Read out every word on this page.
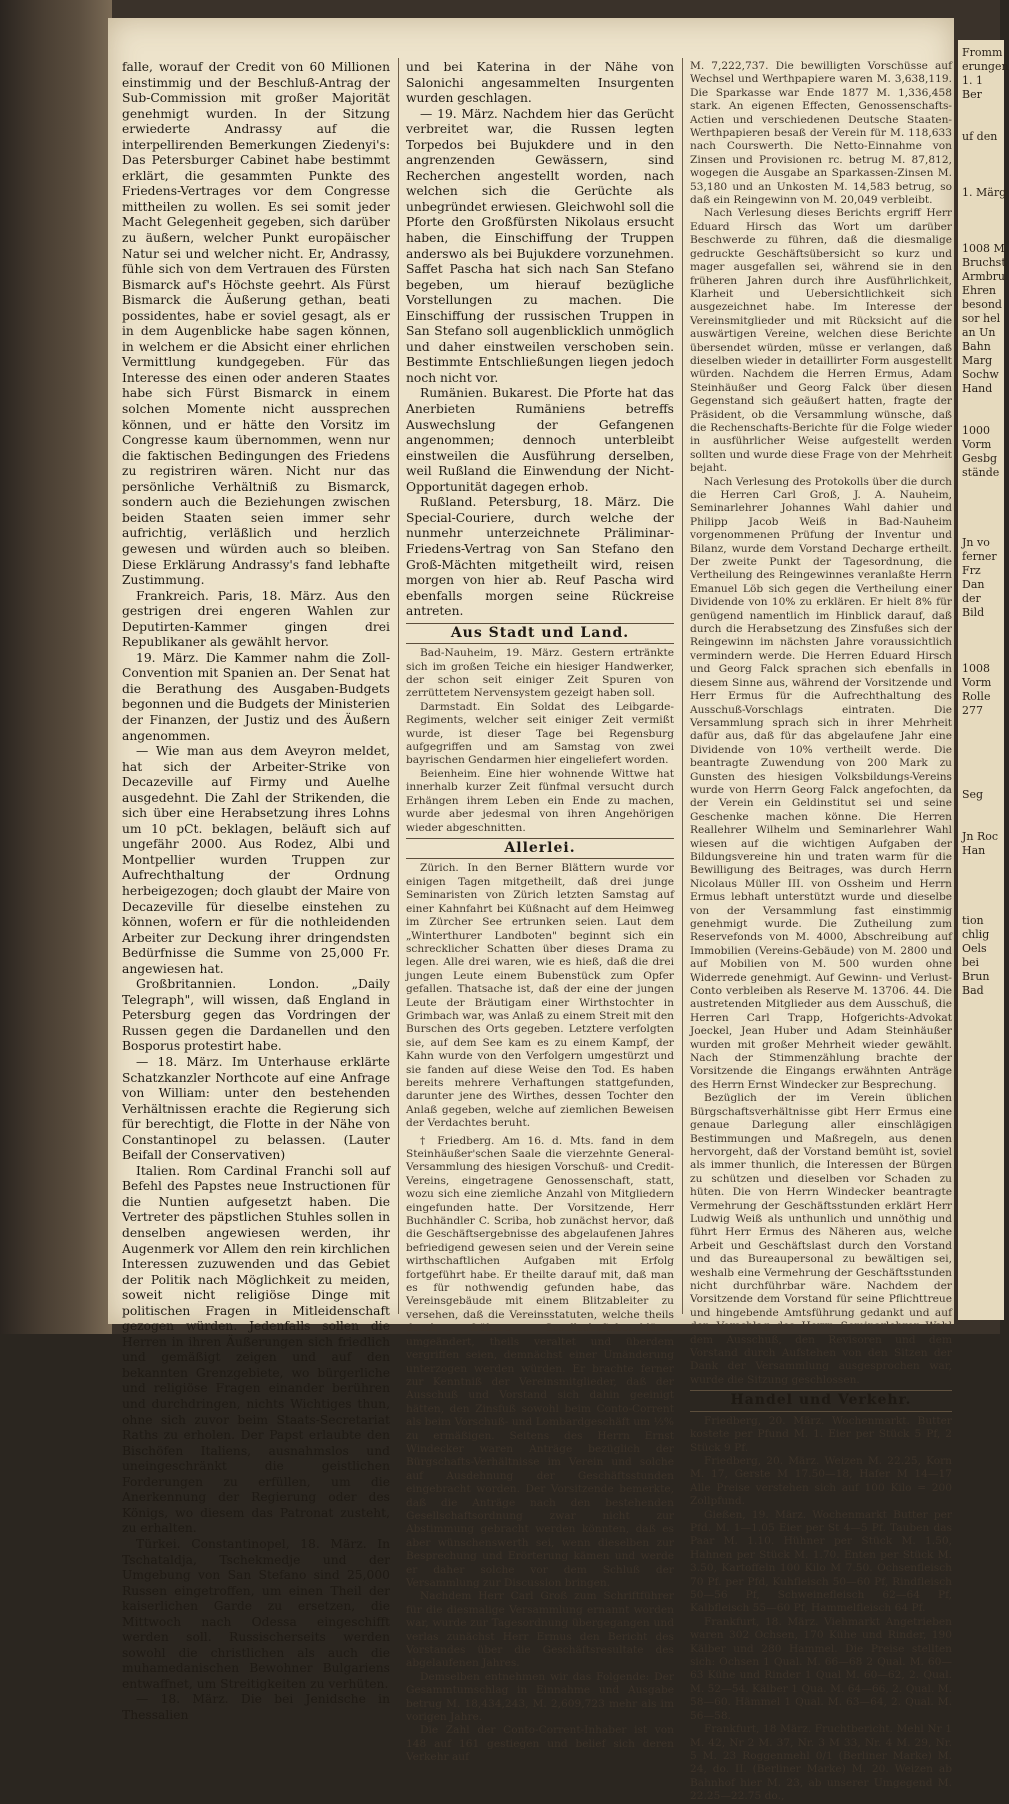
falle, worauf der Credit von 60 Millionen einstimmig und der Beschluß-Antrag der Sub-Commission mit großer Majorität genehmigt wurden. In der Sitzung erwiederte Andrassy auf die interpellirenden Bemerkungen Ziedenyi's: Das Petersburger Cabinet habe bestimmt erklärt, die gesammten Punkte des Friedens-Vertrages vor dem Congresse mittheilen zu wollen. Es sei somit jeder Macht Gelegenheit gegeben, sich darüber zu äußern, welcher Punkt europäischer Natur sei und welcher nicht. Er, Andrassy, fühle sich von dem Vertrauen des Fürsten Bismarck auf's Höchste geehrt. Als Fürst Bismarck die Äußerung gethan, beati possidentes, habe er soviel gesagt, als er in dem Augenblicke habe sagen können, in welchem er die Absicht einer ehrlichen Vermittlung kundgegeben. Für das Interesse des einen oder anderen Staates habe sich Fürst Bismarck in einem solchen Momente nicht aussprechen können, und er hätte den Vorsitz im Congresse kaum übernommen, wenn nur die faktischen Bedingungen des Friedens zu registriren wären. Nicht nur das persönliche Verhältniß zu Bismarck, sondern auch die Beziehungen zwischen beiden Staaten seien immer sehr aufrichtig, verläßlich und herzlich gewesen und würden auch so bleiben. Diese Erklärung Andrassy's fand lebhafte Zustimmung.

Frankreich. Paris, 18. März. Aus den gestrigen drei engeren Wahlen zur Deputirten-Kammer gingen drei Republikaner als gewählt hervor.

19. März. Die Kammer nahm die Zoll-Convention mit Spanien an. Der Senat hat die Berathung des Ausgaben-Budgets begonnen und die Budgets der Ministerien der Finanzen, der Justiz und des Äußern angenommen.

— Wie man aus dem Aveyron meldet, hat sich der Arbeiter-Strike von Decazeville auf Firmy und Auelhe ausgedehnt. Die Zahl der Strikenden, die sich über eine Herabsetzung ihres Lohns um 10 pCt. beklagen, beläuft sich auf ungefähr 2000. Aus Rodez, Albi und Montpellier wurden Truppen zur Aufrechthaltung der Ordnung herbeigezogen; doch glaubt der Maire von Decazeville für dieselbe einstehen zu können, wofern er für die nothleidenden Arbeiter zur Deckung ihrer dringendsten Bedürfnisse die Summe von 25,000 Fr. angewiesen hat.

Großbritannien. London. „Daily Telegraph", will wissen, daß England in Petersburg gegen das Vordringen der Russen gegen die Dardanellen und den Bosporus protestirt habe.

— 18. März. Im Unterhause erklärte Schatzkanzler Northcote auf eine Anfrage von William: unter den bestehenden Verhältnissen erachte die Regierung sich für berechtigt, die Flotte in der Nähe von Constantinopel zu belassen. (Lauter Beifall der Conservativen)

Italien. Rom Cardinal Franchi soll auf Befehl des Papstes neue Instructionen für die Nuntien aufgesetzt haben. Die Vertreter des päpstlichen Stuhles sollen in denselben angewiesen werden, ihr Augenmerk vor Allem den rein kirchlichen Interessen zuzuwenden und das Gebiet der Politik nach Möglichkeit zu meiden, soweit nicht religiöse Dinge mit politischen Fragen in Mitleidenschaft gezogen würden. Jedenfalls sollen die Herren in ihren Äußerungen sich friedlich und gemäßigt zeigen und auf den bekannten Grenzgebiete, wo bürgerliche und religiöse Fragen einander berühren und durchdringen, nichts Wichtiges thun, ohne sich zuvor beim Staats-Secretariat Raths zu erholen. Der Papst erlaubte den Bischöfen Italiens, ausnahmslos und uneingeschränkt die geistlichen Forderungen zu erfüllen, um die Anerkennung der Regierung oder des Königs, wo diesem das Patronat zusteht, zu erhalten.

Türkei. Constantinopel, 18. März. In Tschataldja, Tschekmedje und der Umgebung von San Stefano sind 25,000 Russen eingetroffen, um einen Theil der kaiserlichen Garde zu ersetzen, die Mittwoch nach Odessa eingeschifft werden soll. Russischerseits werden sowohl die christlichen als auch die muhamedanischen Bewohner Bulgariens entwaffnet, um Streitigkeiten zu verhüten.

— 18. März. Die bei Jenidsche in Thessalien

und bei Katerina in der Nähe von Salonichi angesammelten Insurgenten wurden geschlagen.

— 19. März. Nachdem hier das Gerücht verbreitet war, die Russen legten Torpedos bei Bujukdere und in den angrenzenden Gewässern, sind Recherchen angestellt worden, nach welchen sich die Gerüchte als unbegründet erwiesen. Gleichwohl soll die Pforte den Großfürsten Nikolaus ersucht haben, die Einschiffung der Truppen anderswo als bei Bujukdere vorzunehmen. Saffet Pascha hat sich nach San Stefano begeben, um hierauf bezügliche Vorstellungen zu machen. Die Einschiffung der russischen Truppen in San Stefano soll augenblicklich unmöglich und daher einstweilen verschoben sein. Bestimmte Entschließungen liegen jedoch noch nicht vor.

Rumänien. Bukarest. Die Pforte hat das Anerbieten Rumäniens betreffs Auswechslung der Gefangenen angenommen; dennoch unterbleibt einstweilen die Ausführung derselben, weil Rußland die Einwendung der Nicht-Opportunität dagegen erhob.

Rußland. Petersburg, 18. März. Die Special-Couriere, durch welche der nunmehr unterzeichnete Präliminar-Friedens-Vertrag von San Stefano den Groß-Mächten mitgetheilt wird, reisen morgen von hier ab. Reuf Pascha wird ebenfalls morgen seine Rückreise antreten.

Aus Stadt und Land.

Bad-Nauheim, 19. März. Gestern ertränkte sich im großen Teiche ein hiesiger Handwerker, der schon seit einiger Zeit Spuren von zerrüttetem Nervensystem gezeigt haben soll.

Darmstadt. Ein Soldat des Leibgarde-Regiments, welcher seit einiger Zeit vermißt wurde, ist dieser Tage bei Regensburg aufgegriffen und am Samstag von zwei bayrischen Gendarmen hier eingeliefert worden.

Beienheim. Eine hier wohnende Wittwe hat innerhalb kurzer Zeit fünfmal versucht durch Erhängen ihrem Leben ein Ende zu machen, wurde aber jedesmal von ihren Angehörigen wieder abgeschnitten.

Allerlei.

Zürich. In den Berner Blättern wurde vor einigen Tagen mitgetheilt, daß drei junge Seminaristen von Zürich letzten Samstag auf einer Kahnfahrt bei Küßnacht auf dem Heimweg im Zürcher See ertrunken seien. Laut dem „Winterthurer Landboten" beginnt sich ein schrecklicher Schatten über dieses Drama zu legen. Alle drei waren, wie es hieß, daß die drei jungen Leute einem Bubenstück zum Opfer gefallen. Thatsache ist, daß der eine der jungen Leute der Bräutigam einer Wirthstochter in Grimbach war, was Anlaß zu einem Streit mit den Burschen des Orts gegeben. Letztere verfolgten sie, auf dem See kam es zu einem Kampf, der Kahn wurde von den Verfolgern umgestürzt und sie fanden auf diese Weise den Tod. Es haben bereits mehrere Verhaftungen stattgefunden, darunter jene des Wirthes, dessen Tochter den Anlaß gegeben, welche auf ziemlichen Beweisen der Verdachtes beruht.

† Friedberg. Am 16. d. Mts. fand in dem Steinhäußer'schen Saale die vierzehnte General-Versammlung des hiesigen Vorschuß- und Credit-Vereins, eingetragene Genossenschaft, statt, wozu sich eine ziemliche Anzahl von Mitgliedern eingefunden hatte. Der Vorsitzende, Herr Buchhändler C. Scriba, hob zunächst hervor, daß die Geschäftsergebnisse des abgelaufenen Jahres befriedigend gewesen seien und der Verein seine wirthschaftlichen Aufgaben mit Erfolg fortgeführt habe. Er theilte darauf mit, daß man es für nothwendig gefunden habe, das Vereinsgebäude mit einem Blitzableiter zu versehen, daß die Vereinsstatuten, welche theils durch frühere Gesellschaftsbeschlüsse umgeändert, theils veraltet und überdem vergriffen seien, demnächst einer Umänderung unterzogen werden würden. Er brachte ferner zur Kenntniß der Vereinsmitglieder, daß der Ausschuß und Vorstand sich dahin geeinigt hätten, den Zinsfuß sowohl beim Conto-Corrent als beim Vorschuß- und Lombardgeschäft um ½% zu ermäßigen. Seitens des Herrn Ernst Windecker waren Anträge bezüglich der Bürgschafts-Verhältnisse im Verein und solche auf Ausdehnung der Geschäftsstunden eingebracht worden. Der Vorsitzende bemerkte, daß die Anträge nach den bestehenden Gesellschaftsordnung zwar nicht zur Abstimmung gebracht werden könnten, daß es aber wünschenswerth sei, wenn dieselben zur Besprechung und Erörterung kämen und werde er daher solche vor dem Schluß der Versammlung zur Discussion bringen.

Nachdem Herr Carl Groß zum Schriftführer für die diesmalige Versammlung ernannt worden war, wurde zur Tagesordnung übergegangen und verlas zunächst Herr Ermus den Bericht des Vorstandes über die Geschäftsresultate des abgelaufenen Jahres.

Demselben entnehmen wir das Folgende: Der Gesammtumschlag in Einnahme und Ausgabe betrug M. 18,434,243, M. 2,609,723 mehr als im vorigen Jahre.

Die Zahl der Conto-Corrent-Inhaber ist von 148 auf 161 gestiegen und belief sich deren Verkehr auf

M. 7,222,737. Die bewilligten Vorschüsse auf Wechsel und Werthpapiere waren M. 3,638,119. Die Sparkasse war Ende 1877 M. 1,336,458 stark. An eigenen Effecten, Genossenschafts-Actien und verschiedenen Deutsche Staaten-Werthpapieren besaß der Verein für M. 118,633 nach Courswerth. Die Netto-Einnahme von Zinsen und Provisionen rc. betrug M. 87,812, wogegen die Ausgabe an Sparkassen-Zinsen M. 53,180 und an Unkosten M. 14,583 betrug, so daß ein Reingewinn von M. 20,049 verbleibt.

Nach Verlesung dieses Berichts ergriff Herr Eduard Hirsch das Wort um darüber Beschwerde zu führen, daß die diesmalige gedruckte Geschäftsübersicht so kurz und mager ausgefallen sei, während sie in den früheren Jahren durch ihre Ausführlichkeit, Klarheit und Uebersichtlichkeit sich ausgezeichnet habe. Im Interesse der Vereinsmitglieder und mit Rücksicht auf die auswärtigen Vereine, welchen diese Berichte übersendet würden, müsse er verlangen, daß dieselben wieder in detaillirter Form ausgestellt würden. Nachdem die Herren Ermus, Adam Steinhäußer und Georg Falck über diesen Gegenstand sich geäußert hatten, fragte der Präsident, ob die Versammlung wünsche, daß die Rechenschafts-Berichte für die Folge wieder in ausführlicher Weise aufgestellt werden sollten und wurde diese Frage von der Mehrheit bejaht.

Nach Verlesung des Protokolls über die durch die Herren Carl Groß, J. A. Nauheim, Seminarlehrer Johannes Wahl dahier und Philipp Jacob Weiß in Bad-Nauheim vorgenommenen Prüfung der Inventur und Bilanz, wurde dem Vorstand Decharge ertheilt. Der zweite Punkt der Tagesordnung, die Vertheilung des Reingewinnes veranlaßte Herrn Emanuel Löb sich gegen die Vertheilung einer Dividende von 10% zu erklären. Er hielt 8% für genügend namentlich im Hinblick darauf, daß durch die Herabsetzung des Zinsfußes sich der Reingewinn im nächsten Jahre voraussichtlich vermindern werde. Die Herren Eduard Hirsch und Georg Falck sprachen sich ebenfalls in diesem Sinne aus, während der Vorsitzende und Herr Ermus für die Aufrechthaltung des Ausschuß-Vorschlags eintraten. Die Versammlung sprach sich in ihrer Mehrheit dafür aus, daß für das abgelaufene Jahr eine Dividende von 10% vertheilt werde. Die beantragte Zuwendung von 200 Mark zu Gunsten des hiesigen Volksbildungs-Vereins wurde von Herrn Georg Falck angefochten, da der Verein ein Geldinstitut sei und seine Geschenke machen könne. Die Herren Reallehrer Wilhelm und Seminarlehrer Wahl wiesen auf die wichtigen Aufgaben der Bildungsvereine hin und traten warm für die Bewilligung des Beitrages, was durch Herrn Nicolaus Müller III. von Ossheim und Herrn Ermus lebhaft unterstützt wurde und dieselbe von der Versammlung fast einstimmig genehmigt wurde. Die Zutheilung zum Reservefonds von M. 4000, Abschreibung auf Immobilien (Vereins-Gebäude) von M. 2800 und auf Mobilien von M. 500 wurden ohne Widerrede genehmigt. Auf Gewinn- und Verlust-Conto verbleiben als Reserve M. 13706. 44. Die austretenden Mitglieder aus dem Ausschuß, die Herren Carl Trapp, Hofgerichts-Advokat Joeckel, Jean Huber und Adam Steinhäußer wurden mit großer Mehrheit wieder gewählt. Nach der Stimmenzählung brachte der Vorsitzende die Eingangs erwähnten Anträge des Herrn Ernst Windecker zur Besprechung.

Bezüglich der im Verein üblichen Bürgschaftsverhältnisse gibt Herr Ermus eine genaue Darlegung aller einschlägigen Bestimmungen und Maßregeln, aus denen hervorgeht, daß der Vorstand bemüht ist, soviel als immer thunlich, die Interessen der Bürgen zu schützen und dieselben vor Schaden zu hüten. Die von Herrn Windecker beantragte Vermehrung der Geschäftsstunden erklärt Herr Ludwig Weiß als unthunlich und unnöthig und führt Herr Ermus des Näheren aus, welche Arbeit und Geschäftslast durch den Vorstand und das Bureaupersonal zu bewältigen sei, weshalb eine Vermehrung der Geschäftsstunden nicht durchführbar wäre. Nachdem der Vorsitzende dem Vorstand für seine Pflichttreue und hingebende Amtsführung gedankt und auf den Vorschlag des Herrn Seminarlehrer Wahl dem Ausschuß, den Revisoren und dem Vorstand durch Aufstehen von den Sitzen der Dank der Versammlung ausgesprochen war, wurde die Sitzung geschlossen.

Handel und Verkehr.

Friedberg, 20. März. Wochenmarkt. Butter kostete per Pfund M. 1. Eier per Stück 5 Pf, 2 Stück 9 Pf.

Friedberg, 20. März. Weizen M. 22.25, Korn M. 17, Gerste M 17.50—18, Hafer M 14—17 Alle Preise verstehen sich auf 100 Kilo = 200 Zollpfund.

Gießen, 19. März. Wochenmarkt Butter per Pfd. M. 1—1.05 Eier per St 4—5 Pf. Tauben das Paar M. 1.10. Hühner per Stück M. 1.50, Hahnen per Stück M. 1.70. Enten per Stück M. 3.50, Kartoffeln 100 Kilo M 7.50. Ochsenfleisch 70 Pf. per Pfd, Kuhfleisch 50—60 Pf, Rindfleisch 50—56 Pf, Schweinefleisch 62—64 Pf, Kalbfleisch 55—60 Pf, Hammelfleisch 64 Pf.

Frankfurt, 18. März. Viehmarkt Angetrieben waren 302 Ochsen, 170 Kühe und Rinder, 190 Kälber und 280 Hammel. Die Preise stellten sich: Ochsen 1 Qual. M. 66—68 2 Qual. M. 60—63 Kühe und Rinder 1 Qual M. 60—62, 2. Qual. M. 52—54. Kälber 1 Qua. M. 64—66, 2. Qual. M. 58—60. Hämmel 1 Qual. M. 63—64, 2. Qual. M. 56—58.

Frankfurt, 18 März. Fruchtbericht. Mehl Nr 1 M. 42, Nr 2 M. 37, Nr. 3 M 33, Nr. 4 M. 29, Nr. 5 M. 23 Roggenmehl 0/1 (Berliner Marke) M. 24, do. II. (Berliner Marke) M. 20. Weizen ab Bahnhof hier M. 23, ab unserer Umgegend M. 22.25—22.75 do.,

Fromm
erungen
1. 1
Ber

uf den

1. Märg

1008 M
Bruchst
Armbru
Ehren
besond
sor hel
an Un
Bahn
Marg
Sochw
Hand

1000
Vorm
Gesbg
stände

Jn vo
ferner
Frz
Dan
der
Bild

1008
Vorm
Rolle
277

Seg

Jn Roc
Han

tion
chlig
Oels
bei
Brun
Bad
